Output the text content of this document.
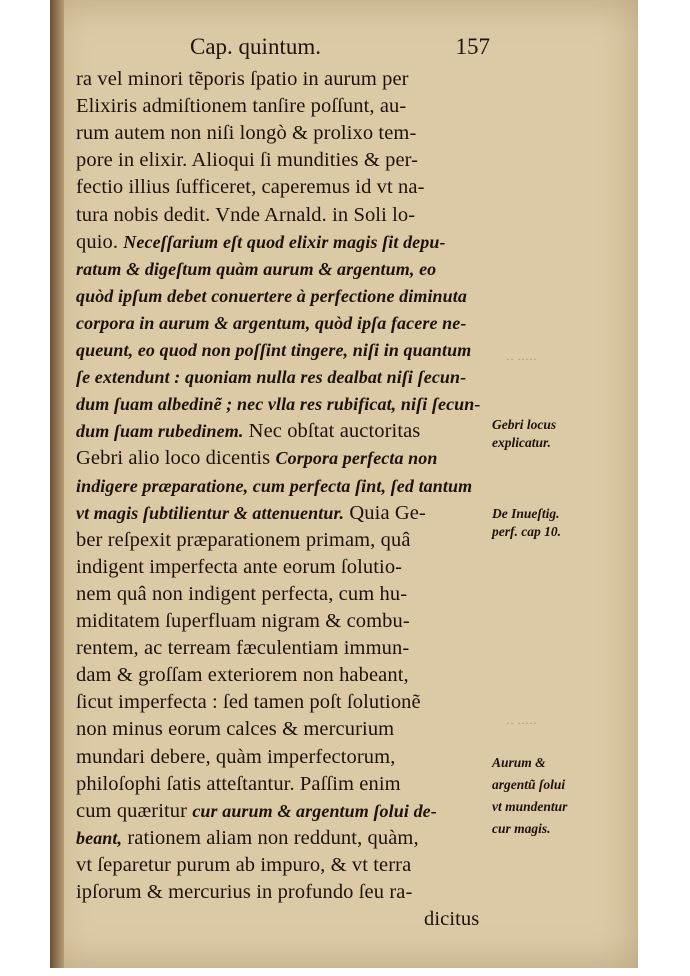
Cap. quintum.	157
ra vel minori tẽporis ſpatio in aurum per
Elixiris admiſtionem tanſire poſſunt, au-
rum autem non niſi longò & prolixo tem-
pore in elixir. Alioqui ſi mundities & per-
fectio illius ſufficeret, caperemus id vt na-
tura nobis dedit. Vnde Arnald. in Soli lo-
quio. Neceſſarium eſt quod elixir magis ſit depu-
ratum & digeſtum quàm aurum & argentum, eo
quòd ipſum debet conuertere à perfectione diminuta
corpora in aurum & argentum, quòd ipſa facere ne-
queunt, eo quod non poſſint tingere, niſi in quantum
ſe extendunt : quoniam nulla res dealbat niſi ſecun-
dum ſuam albedinẽ ; nec vlla res rubificat, niſi ſecun-
dum ſuam rubedinem. Nec obſtat auctoritas
Gebri alio loco dicentis Corpora perfecta non
indigere præparatione, cum perfecta ſint, ſed tantum
vt magis ſubtilientur & attenuentur. Quia Ge-
ber reſpexit præparationem primam, quâ
indigent imperfecta ante eorum ſolutio-
nem quâ non indigent perfecta, cum hu-
miditatem ſuperfluam nigram & combu-
rentem, ac terream fæculentiam immun-
dam & groſſam exteriorem non habeant,
ſicut imperfecta : ſed tamen poſt ſolutionẽ
non minus eorum calces & mercurium
mundari debere, quàm imperfectorum,
philoſophi ſatis atteſtantur. Paſſim enim
cum quæritur cur aurum & argentum ſolui de-
beant, rationem aliam non reddunt, quàm,
vt ſeparetur purum ab impuro, & vt terra
ipſorum & mercurius in profundo ſeu ra-
dicitus
Gebri locus
explicatur.
De Inueſtig.
perf. cap 10.
Aurum &
argentũ ſolui
vt mundentur
cur magis.
·· ·····
·· ·····
